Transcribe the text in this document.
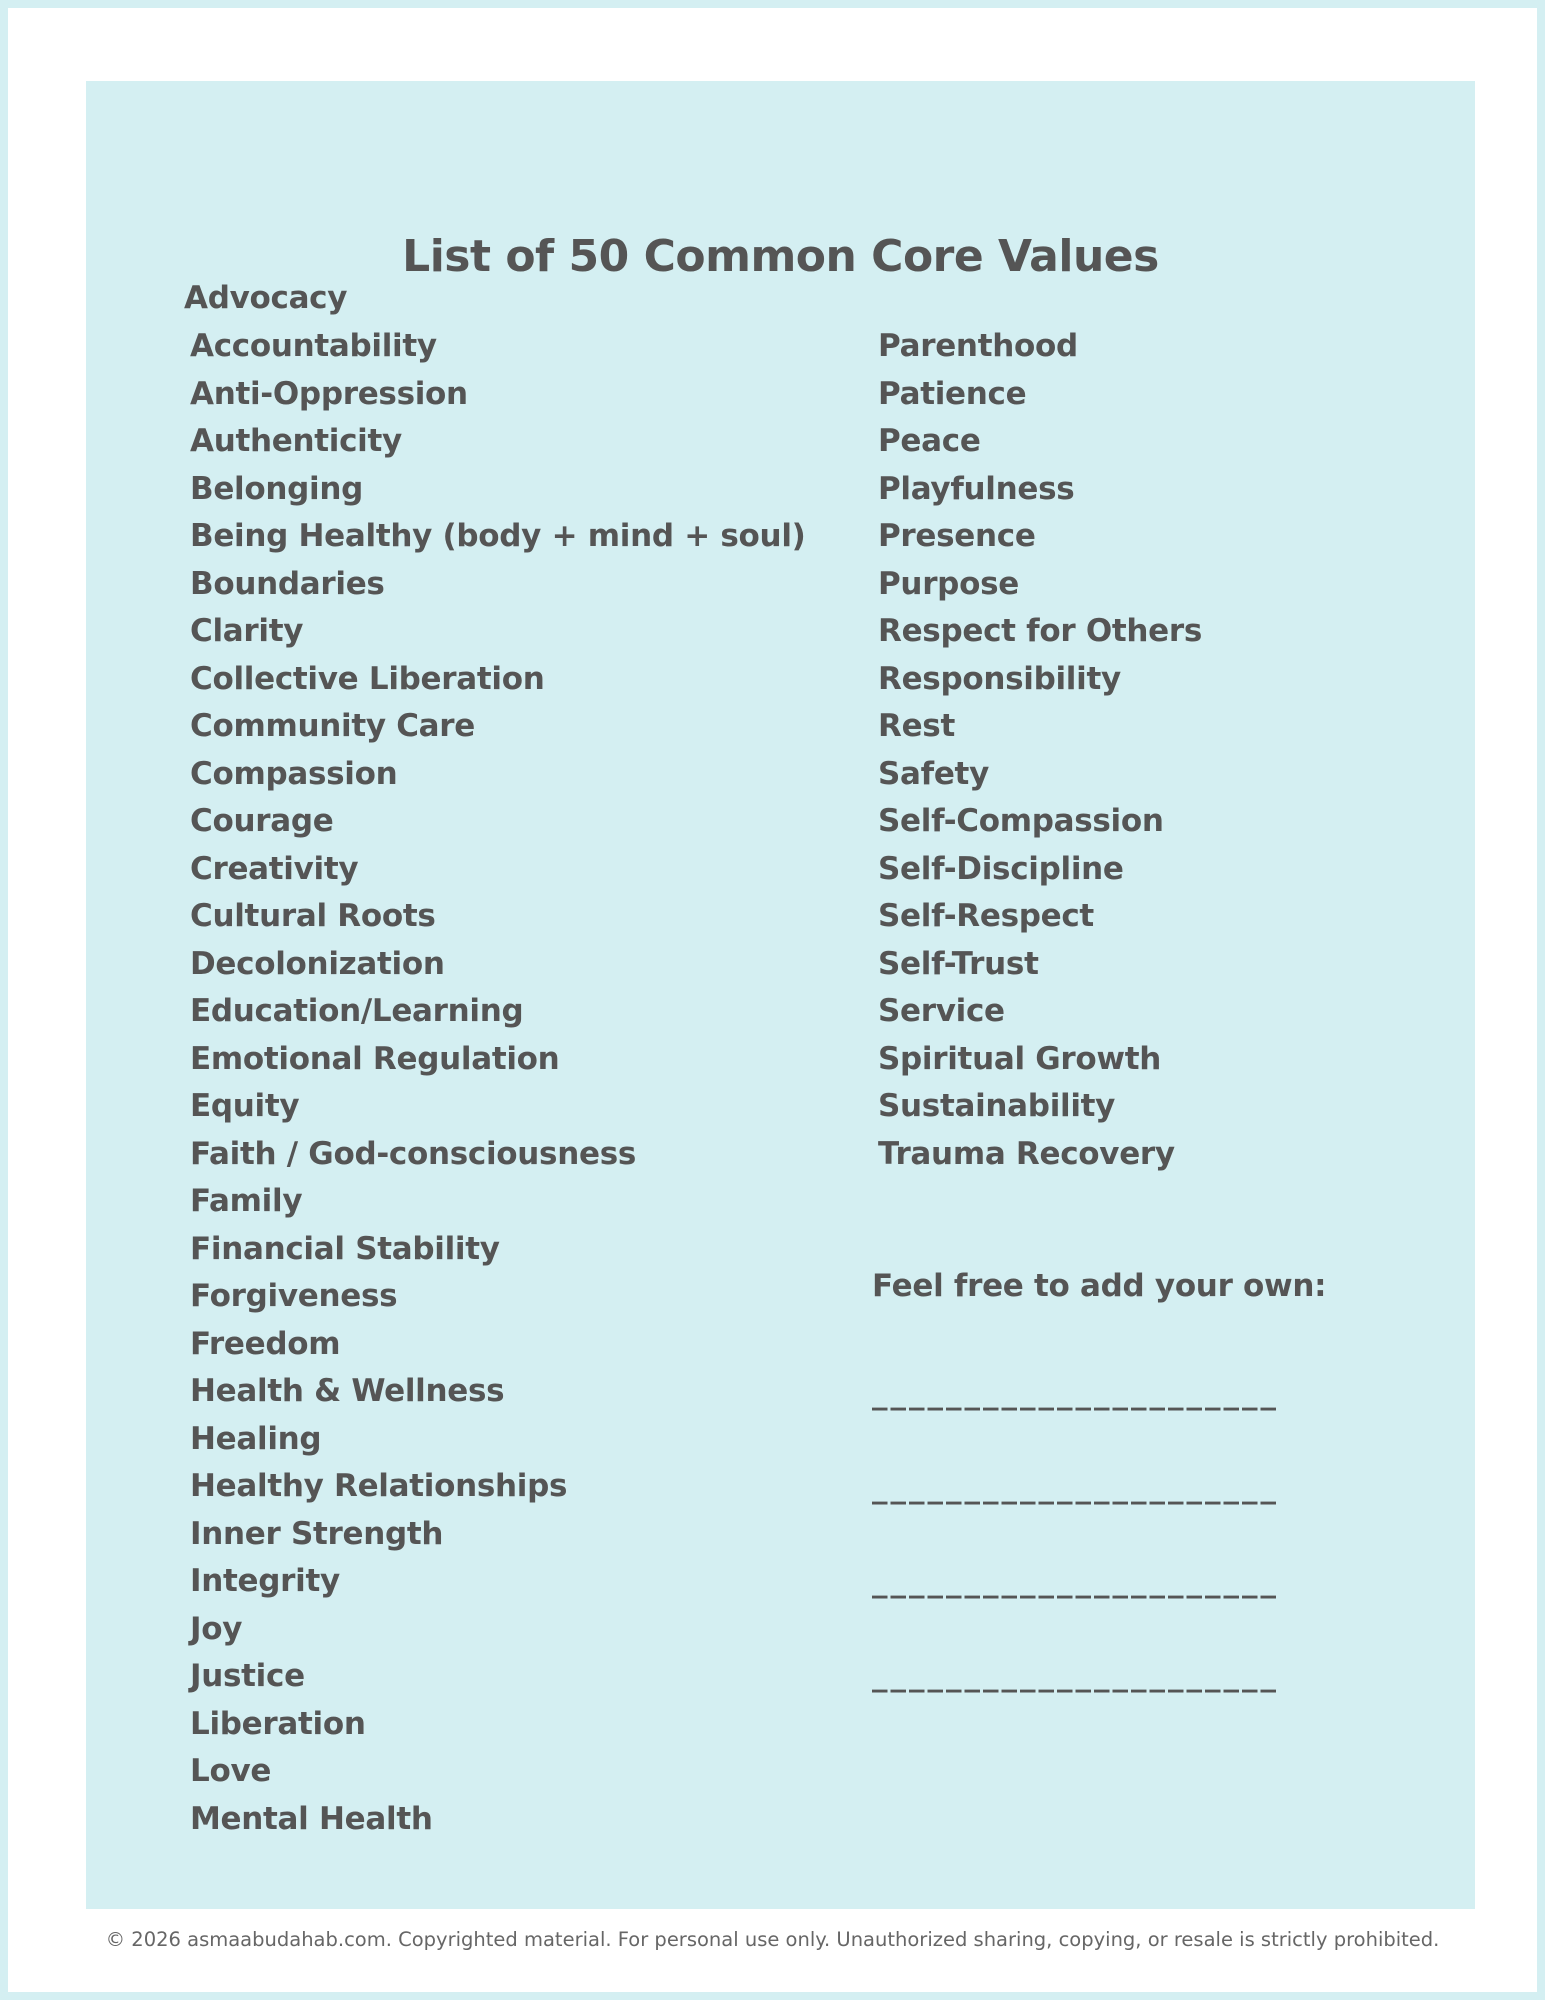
List of 50 Common Core Values
Advocacy
Accountability
Anti-Oppression
Authenticity
Belonging
Being Healthy (body + mind + soul)
Boundaries
Clarity
Collective Liberation
Community Care
Compassion
Courage
Creativity
Cultural Roots
Decolonization
Education/Learning
Emotional Regulation
Equity
Faith / God-consciousness
Family
Financial Stability
Forgiveness
Freedom
Health & Wellness
Healing
Healthy Relationships
Inner Strength
Integrity
Joy
Justice
Liberation
Love
Mental Health
Parenthood
Patience
Peace
Playfulness
Presence
Purpose
Respect for Others
Responsibility
Rest
Safety
Self-Compassion
Self-Discipline
Self-Respect
Self-Trust
Service
Spiritual Growth
Sustainability
Trauma Recovery
Feel free to add your own:
______________________
______________________
______________________
______________________
© 2026 asmaabudahab.com. Copyrighted material. For personal use only. Unauthorized sharing, copying, or resale is strictly prohibited.
